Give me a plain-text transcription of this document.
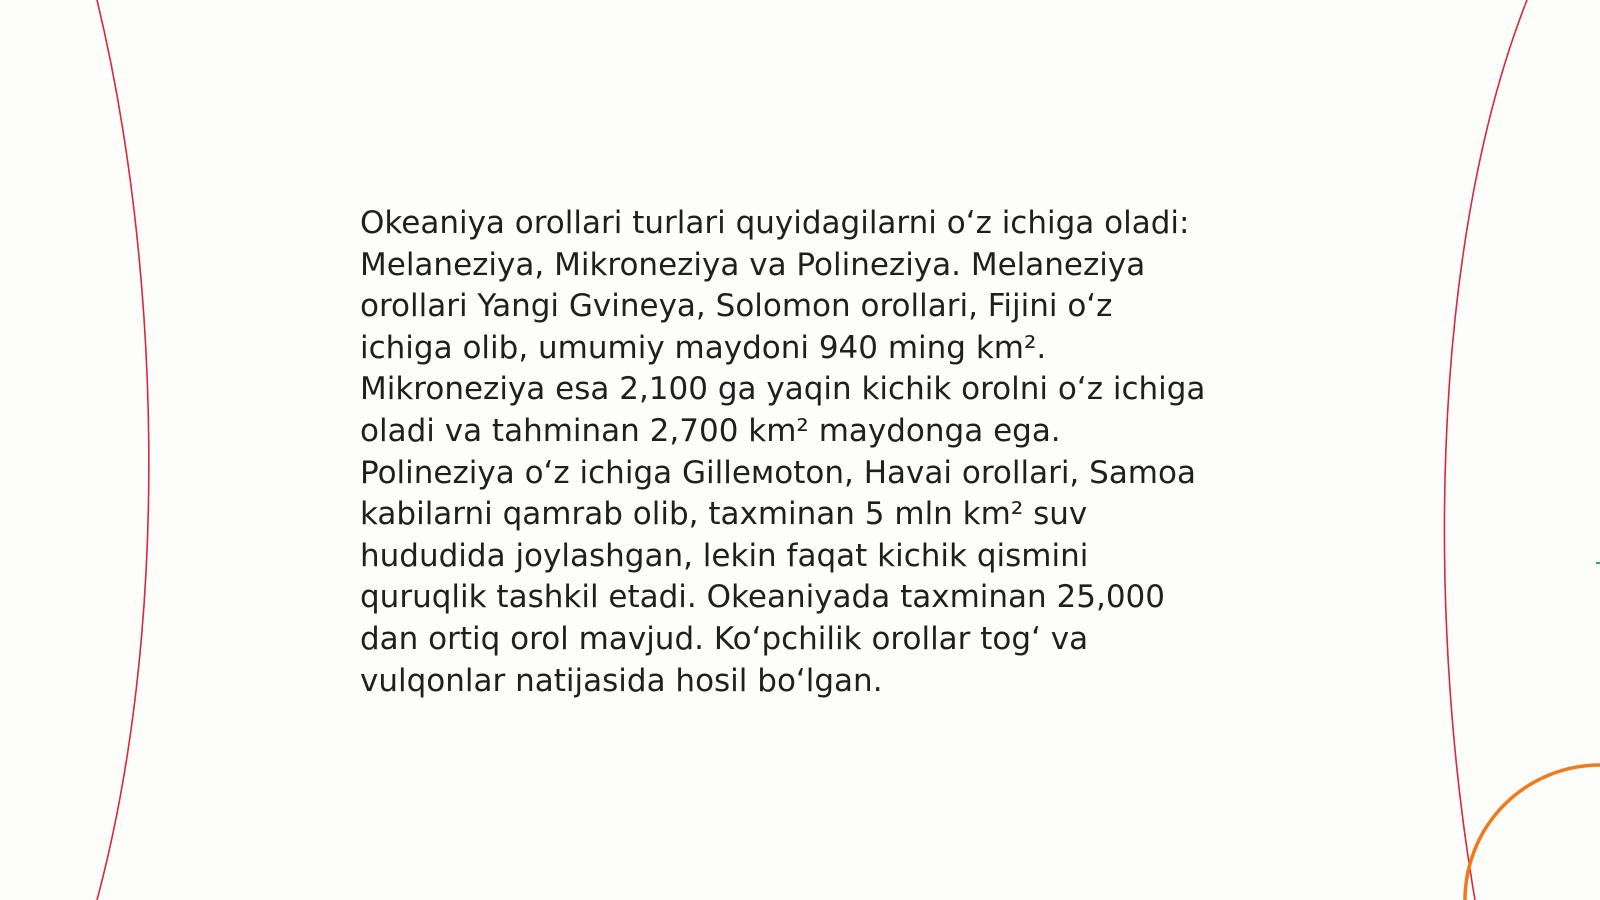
Okeaniya orollari turlari quyidagilarni oʻz ichiga oladi:
Melaneziya, Mikroneziya va Polineziya. Melaneziya
orollari Yangi Gvineya, Solomon orollari, Fijini oʻz
ichiga olib, umumiy maydoni 940 ming km².
Mikroneziya esa 2,100 ga yaqin kichik orolni oʻz ichiga
oladi va tahminan 2,700 km² maydonga ega.
Polineziya oʻz ichiga Gilleмoton, Havai orollari, Samoa
kabilarni qamrab olib, taxminan 5 mln km² suv
hududida joylashgan, lekin faqat kichik qismini
quruqlik tashkil etadi. Okeaniyada taxminan 25,000
dan ortiq orol mavjud. Koʻpchilik orollar togʻ va
vulqonlar natijasida hosil boʻlgan.
